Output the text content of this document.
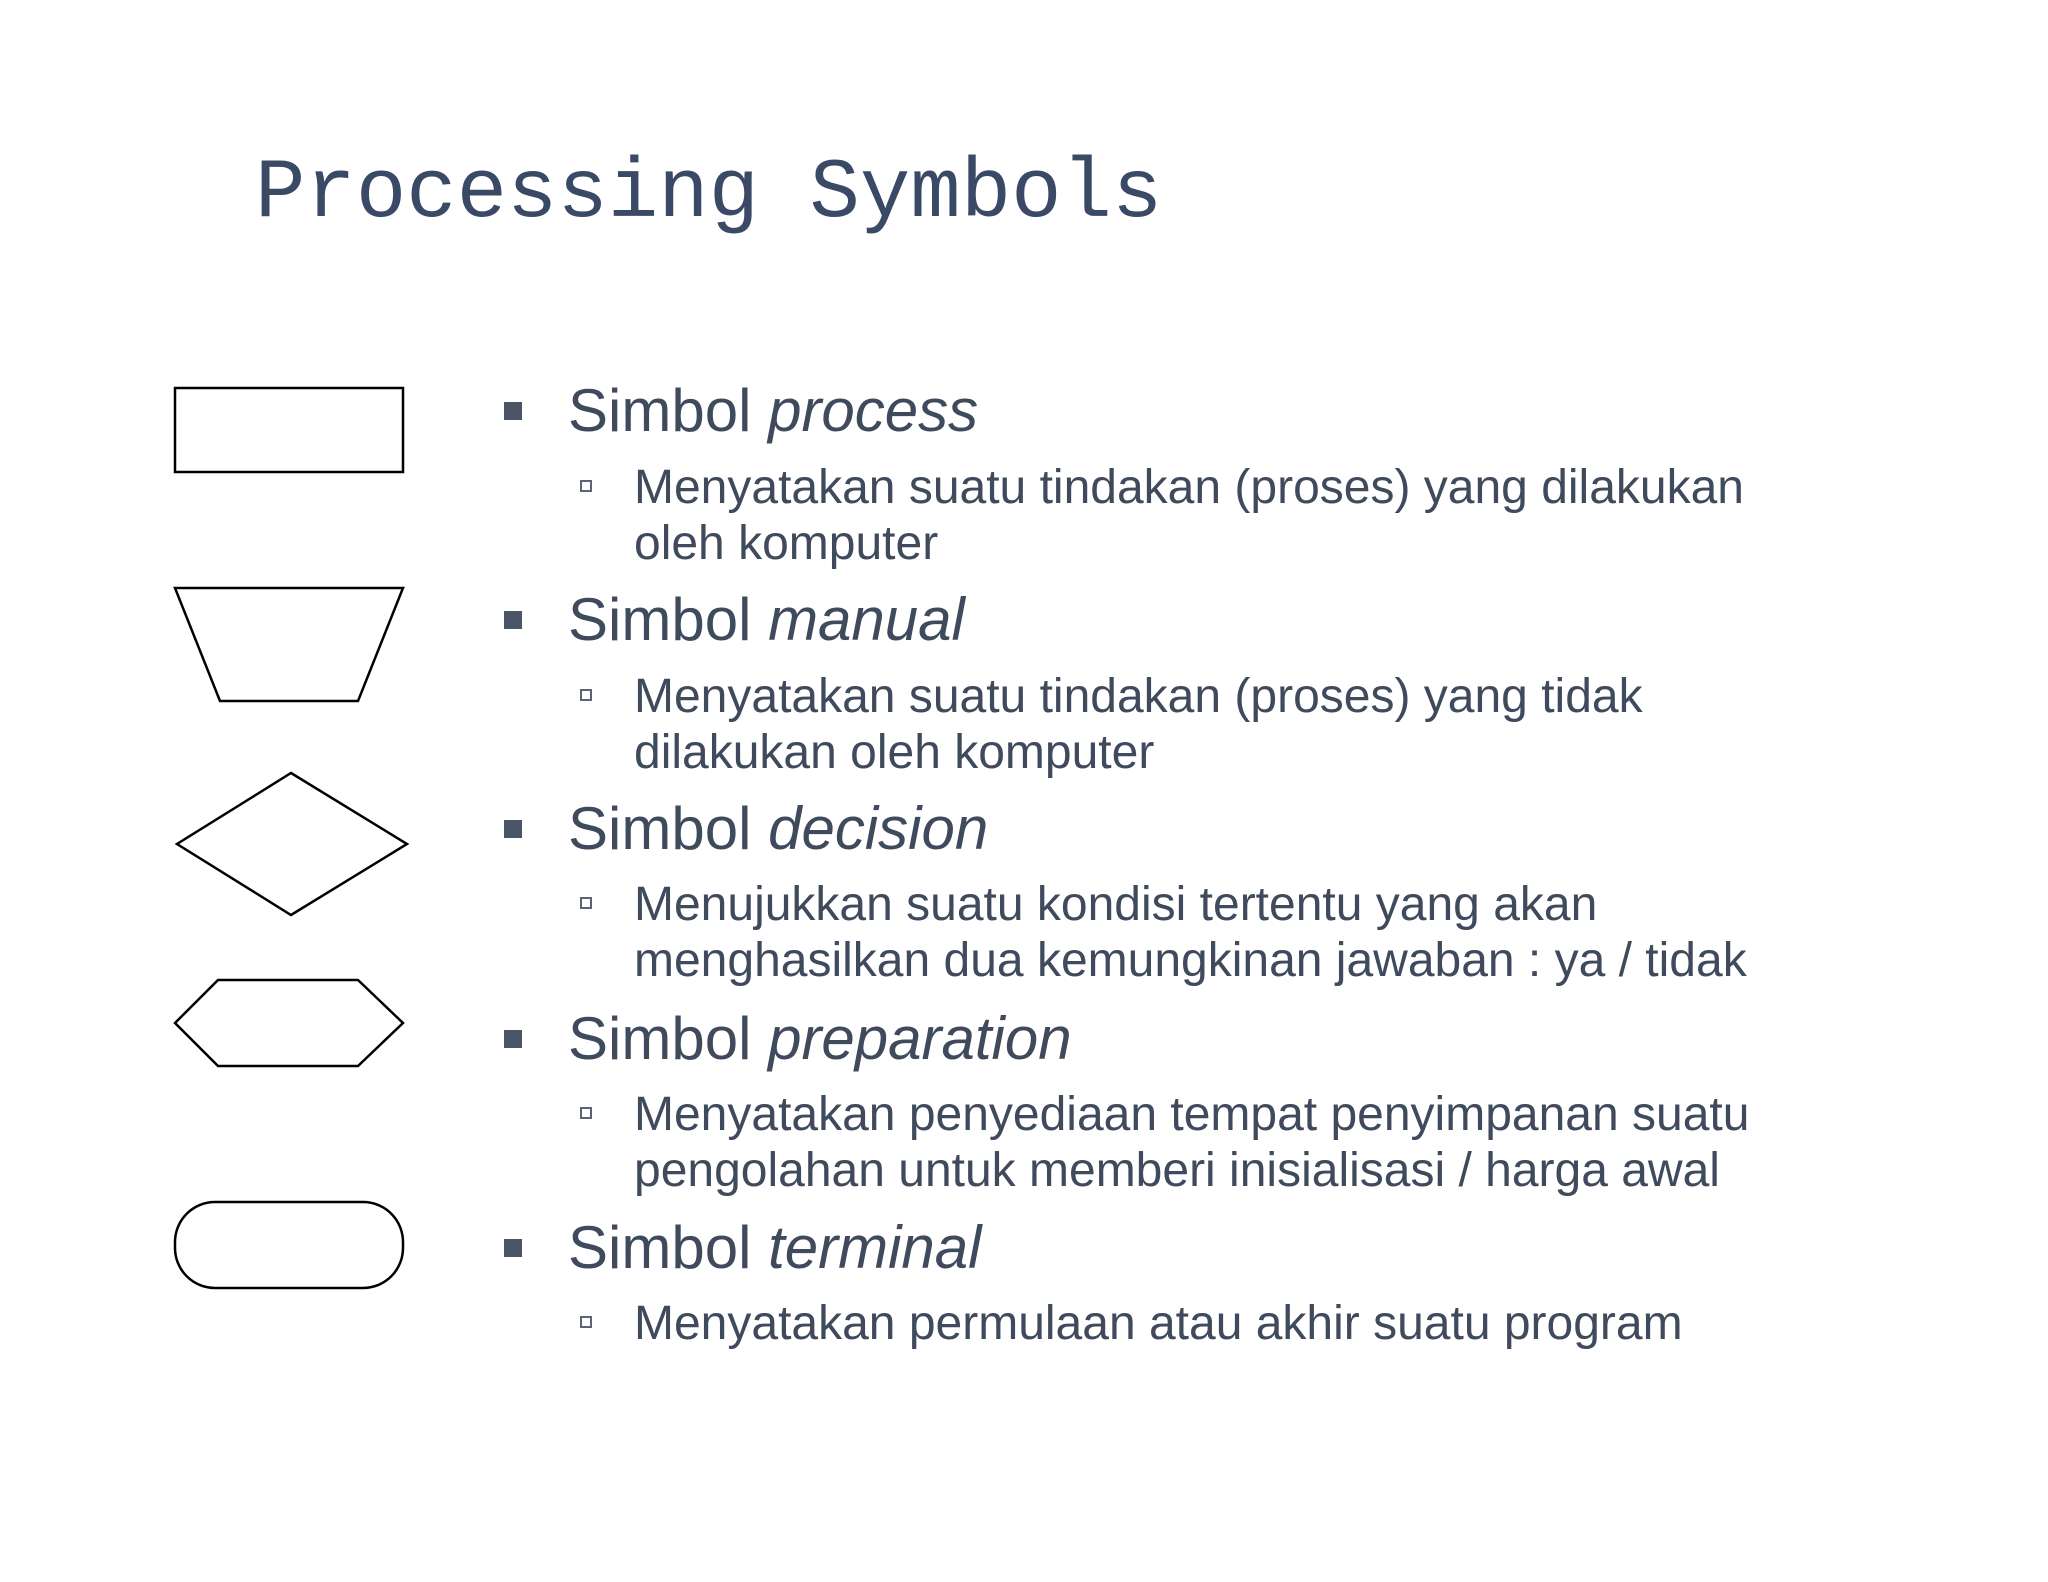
Processing Symbols
Simbol process
Menyatakan suatu tindakan (proses) yang dilakukan oleh komputer
Simbol manual
Menyatakan suatu tindakan (proses) yang tidak dilakukan oleh komputer
Simbol decision
Menujukkan suatu kondisi tertentu yang akan menghasilkan dua kemungkinan jawaban : ya / tidak
Simbol preparation
Menyatakan penyediaan tempat penyimpanan suatu pengolahan untuk memberi inisialisasi / harga awal
Simbol terminal
Menyatakan permulaan atau akhir suatu program
